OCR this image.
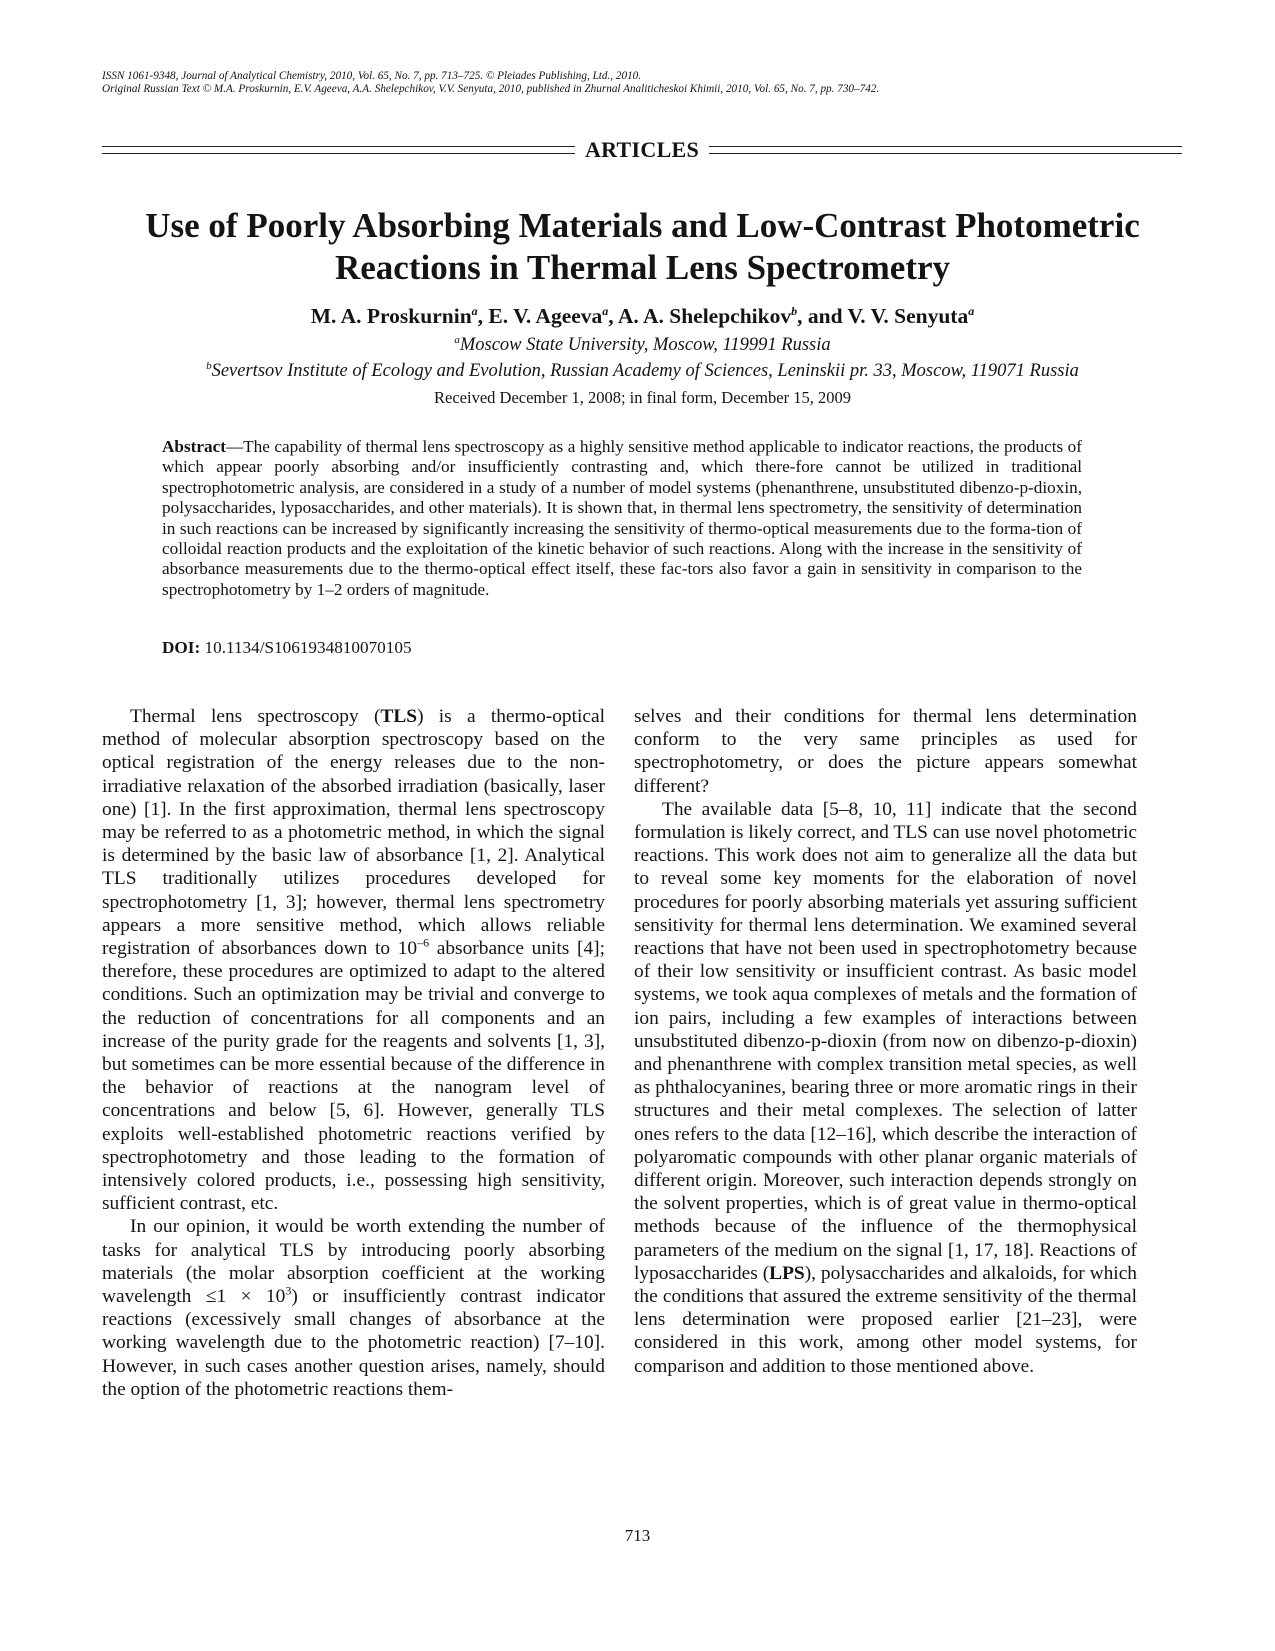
ISSN 1061-9348, Journal of Analytical Chemistry, 2010, Vol. 65, No. 7, pp. 713–725. © Pleiades Publishing, Ltd., 2010.
Original Russian Text © M.A. Proskurnin, E.V. Ageeva, A.A. Shelepchikov, V.V. Senyuta, 2010, published in Zhurnal Analiticheskoi Khimii, 2010, Vol. 65, No. 7, pp. 730–742.
ARTICLES
Use of Poorly Absorbing Materials and Low-Contrast Photometric
Reactions in Thermal Lens Spectrometry
M. A. Proskurnin$^a$, E. V. Ageeva$^a$, A. A. Shelepchikov$^b$, and V. V. Senyuta$^a$
$^a$Moscow State University, Moscow, 119991 Russia
$^b$Severtsov Institute of Ecology and Evolution, Russian Academy of Sciences, Leninskii pr. 33, Moscow, 119071 Russia
Received December 1, 2008; in final form, December 15, 2009
Abstract—The capability of thermal lens spectroscopy as a highly sensitive method applicable to indicator reactions, the products of which appear poorly absorbing and/or insufficiently contrasting and, which there-fore cannot be utilized in traditional spectrophotometric analysis, are considered in a study of a number of model systems (phenanthrene, unsubstituted dibenzo-p-dioxin, polysaccharides, lyposaccharides, and other materials). It is shown that, in thermal lens spectrometry, the sensitivity of determination in such reactions can be increased by significantly increasing the sensitivity of thermo-optical measurements due to the forma-tion of colloidal reaction products and the exploitation of the kinetic behavior of such reactions. Along with the increase in the sensitivity of absorbance measurements due to the thermo-optical effect itself, these fac-tors also favor a gain in sensitivity in comparison to the spectrophotometry by 1–2 orders of magnitude.
DOI: 10.1134/S1061934810070105

Thermal lens spectroscopy (TLS) is a thermo-optical method of molecular absorption spectroscopy based on the optical registration of the energy releases due to the non-irradiative relaxation of the absorbed irradiation (basically, laser one) [1]. In the first approximation, thermal lens spectroscopy may be referred to as a photometric method, in which the signal is determined by the basic law of absorbance [1, 2]. Analytical TLS traditionally utilizes procedures developed for spectrophotometry [1, 3]; however, thermal lens spectrometry appears a more sensitive method, which allows reliable registration of absorbances down to $10^{-6}$ absorbance units [4]; therefore, these procedures are optimized to adapt to the altered conditions. Such an optimization may be trivial and converge to the reduction of concentrations for all components and an increase of the purity grade for the reagents and solvents [1, 3], but sometimes can be more essential because of the difference in the behavior of reactions at the nanogram level of concentrations and below [5, 6]. However, generally TLS exploits well-established photometric reactions verified by spectrophotometry and those leading to the formation of intensively colored products, i.e., possessing high sensitivity, sufficient contrast, etc.

In our opinion, it would be worth extending the number of tasks for analytical TLS by introducing poorly absorbing materials (the molar absorption coefficient at the working wavelength $\le 1 \times 10^3$) or insufficiently contrast indicator reactions (excessively small changes of absorbance at the working wavelength due to the photometric reaction) [7–10]. However, in such cases another question arises, namely, should the option of the photometric reactions them-

selves and their conditions for thermal lens determination conform to the very same principles as used for spectrophotometry, or does the picture appears somewhat different?

The available data [5–8, 10, 11] indicate that the second formulation is likely correct, and TLS can use novel photometric reactions. This work does not aim to generalize all the data but to reveal some key moments for the elaboration of novel procedures for poorly absorbing materials yet assuring sufficient sensitivity for thermal lens determination. We examined several reactions that have not been used in spectrophotometry because of their low sensitivity or insufficient contrast. As basic model systems, we took aqua complexes of metals and the formation of ion pairs, including a few examples of interactions between unsubstituted dibenzo-p-dioxin (from now on dibenzo-p-dioxin) and phenanthrene with complex transition metal species, as well as phthalocyanines, bearing three or more aromatic rings in their structures and their metal complexes. The selection of latter ones refers to the data [12–16], which describe the interaction of polyaromatic compounds with other planar organic materials of different origin. Moreover, such interaction depends strongly on the solvent properties, which is of great value in thermo-optical methods because of the influence of the thermophysical parameters of the medium on the signal [1, 17, 18]. Reactions of lyposaccharides (LPS), polysaccharides and alkaloids, for which the conditions that assured the extreme sensitivity of the thermal lens determination were proposed earlier [21–23], were considered in this work, among other model systems, for comparison and addition to those mentioned above.

713
